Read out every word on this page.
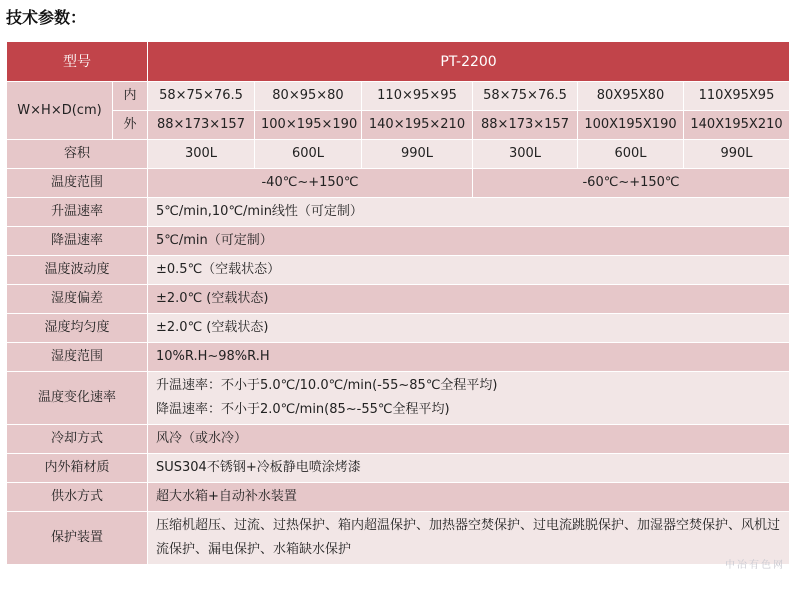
技术参数：
型号		PT-2200					
W×H×D(cm)	内	58×75×76.5	80×95×80	110×95×95	58×75×76.5	80X95X80	110X95X95
	外	88×173×157	100×195×190	140×195×210	88×173×157	100X195X190	140X195X210
容积		300L	600L	990L	300L	600L	990L
温度范围		-40℃~+150℃			-60℃~+150℃		
升温速率		5℃/min,10℃/min线性（可定制）					
降温速率		5℃/min（可定制）					
温度波动度		±0.5℃（空载状态）					
湿度偏差		±2.0℃ (空载状态)					
湿度均匀度		±2.0℃ (空载状态)					
湿度范围		10%R.H~98%R.H					
温度变化速率		升温速率：不小于5.0℃/10.0℃/min(-55~85℃全程平均)
降温速率：不小于2.0℃/min(85~-55℃全程平均)					

冷却方式		风冷（或水冷）					
内外箱材质		SUS304不锈钢+冷板静电喷涂烤漆					
供水方式		超大水箱+自动补水装置					
保护装置		压缩机超压、过流、过热保护、箱内超温保护、加热器空焚保护、过电流跳脱保护、加湿器空焚保护、风机过流保护、漏电保护、水箱缺水保护					
中冶有色网
